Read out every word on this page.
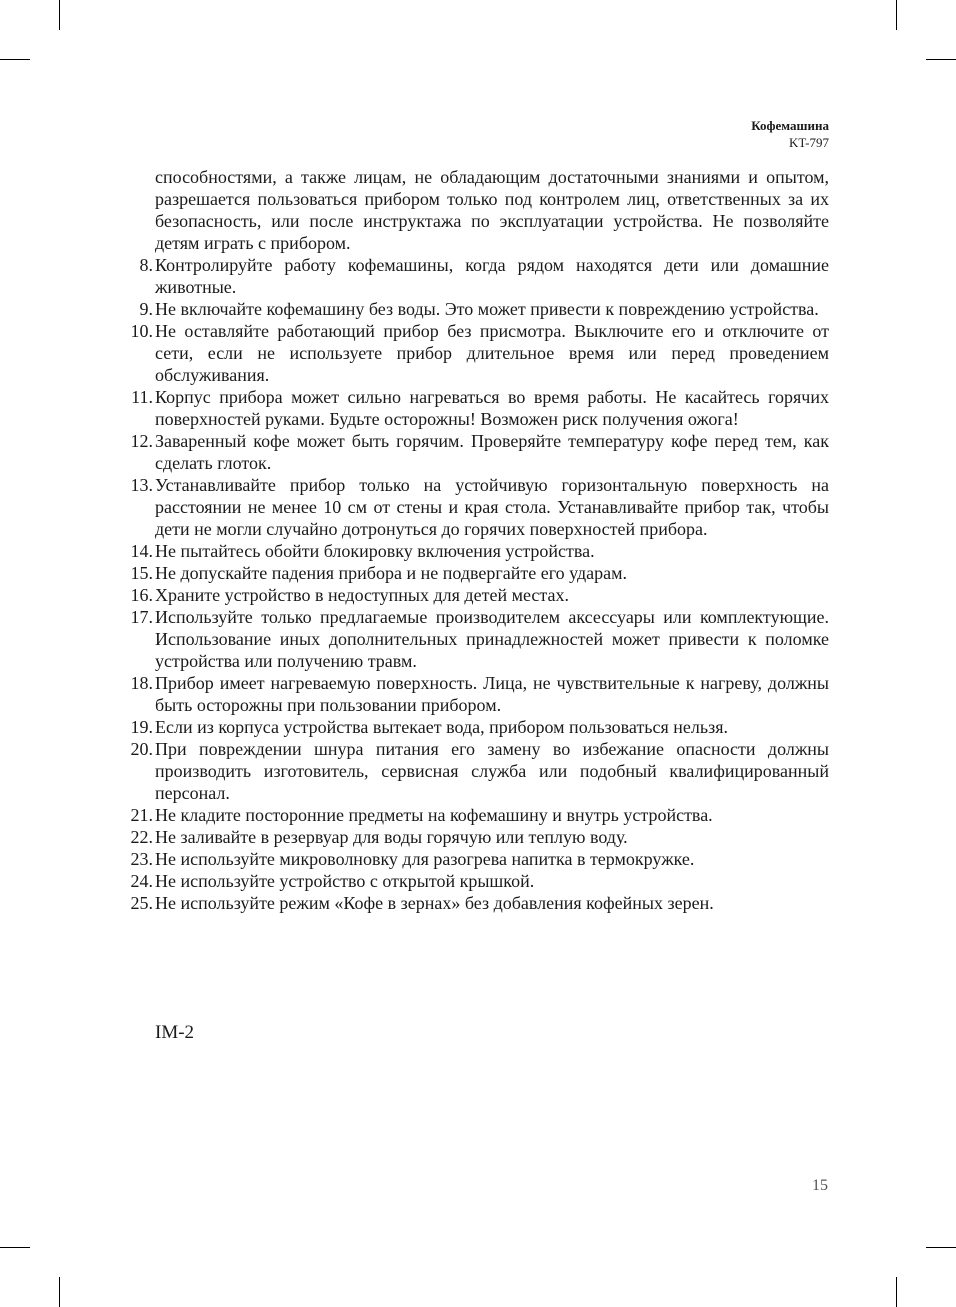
Кофемашина
KT-797

способностями, а также лицам, не обладающим достаточными знаниями и опытом, разрешается пользоваться прибором только под контролем лиц, ответственных за их безопасность, или после инструктажа по эксплуатации устройства. Не позволяйте детям играть с прибором.

8. Контролируйте работу кофемашины, когда рядом находятся дети или домашние животные.
9. Не включайте кофемашину без воды. Это может привести к повреждению устройства.
10. Не оставляйте работающий прибор без присмотра. Выключите его и отключите от сети, если не используете прибор длительное время или перед проведением обслуживания.
11. Корпус прибора может сильно нагреваться во время работы. Не касайтесь горячих поверхностей руками. Будьте осторожны! Возможен риск получения ожога!
12. Заваренный кофе может быть горячим. Проверяйте температуру кофе перед тем, как сделать глоток.
13. Устанавливайте прибор только на устойчивую горизонтальную поверхность на расстоянии не менее 10 см от стены и края стола. Устанавливайте прибор так, чтобы дети не могли случайно дотронуться до горячих поверхностей прибора.
14. Не пытайтесь обойти блокировку включения устройства.
15. Не допускайте падения прибора и не подвергайте его ударам.
16. Храните устройство в недоступных для детей местах.
17. Используйте только предлагаемые производителем аксессуары или комплектующие. Использование иных дополнительных принадлежностей может привести к поломке устройства или получению травм.
18. Прибор имеет нагреваемую поверхность. Лица, не чувствительные к нагреву, должны быть осторожны при пользовании прибором.
19. Если из корпуса устройства вытекает вода, прибором пользоваться нельзя.
20. При повреждении шнура питания его замену во избежание опасности должны производить изготовитель, сервисная служба или подобный квалифицированный персонал.
21. Не кладите посторонние предметы на кофемашину и внутрь устройства.
22. Не заливайте в резервуар для воды горячую или теплую воду.
23. Не используйте микроволновку для разогрева напитка в термокружке.
24. Не используйте устройство с открытой крышкой.
25. Не используйте режим «Кофе в зернах» без добавления кофейных зерен.
IM-2
15
